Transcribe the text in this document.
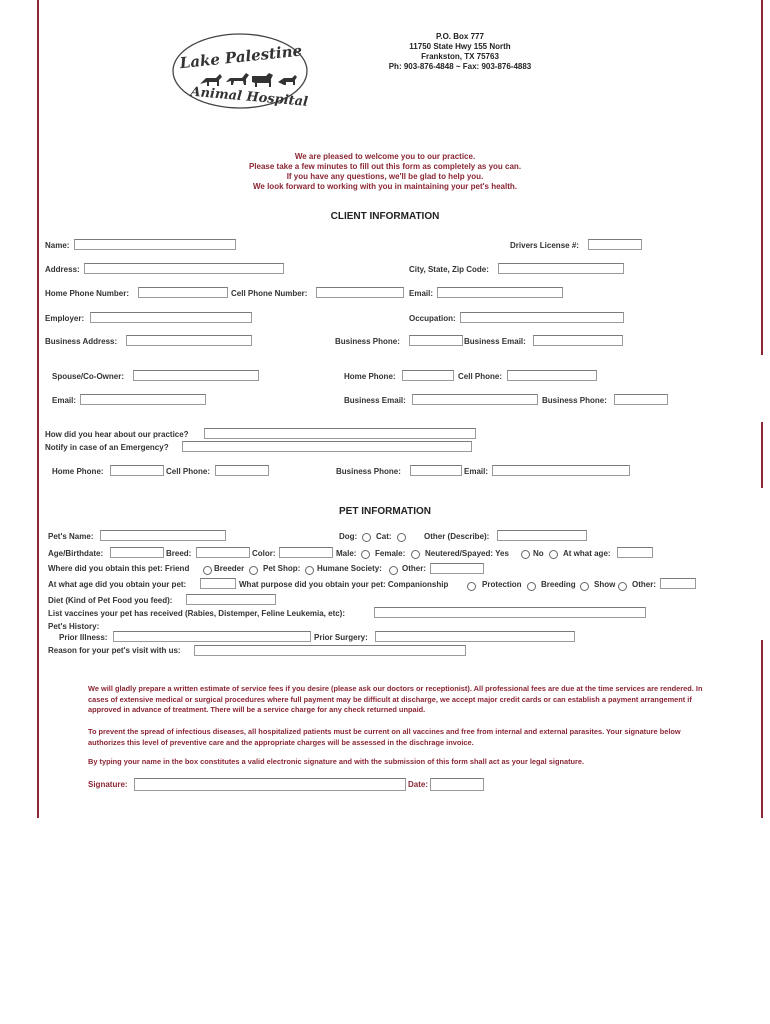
Lake Palestine
Animal Hospital
P.O. Box 777
11750 State Hwy 155 North
Frankston, TX 75763
Ph: 903-876-4848 ~ Fax: 903-876-4883
We are pleased to welcome you to our practice.
Please take a few minutes to fill out this form as completely as you can.
If you have any questions, we'll be glad to help you.
We look forward to working with you in maintaining your pet's health.
CLIENT INFORMATION
Name:	Drivers License #:
Address:	City, State, Zip Code:
Home Phone Number:	Cell Phone Number:	Email:
Employer:	Occupation:
Business Address:	Business Phone:	Business Email:
Spouse/Co-Owner:	Home Phone:	Cell Phone:
Email:	Business Email:	Business Phone:
How did you hear about our practice?
Notify in case of an Emergency?
Home Phone:	Cell Phone:	Business Phone:	Email:
PET INFORMATION
Pet's Name:	Dog: Cat:	Other (Describe):
Age/Birthdate:	Breed:	Color:	Male: Female: Neutered/Spayed: Yes	No At what age:
Where did you obtain this pet: Friend	Breeder Pet Shop: Humane Society:	Other:
At what age did you obtain your pet:	What purpose did you obtain your pet: Companionship	Protection Breeding Show Other:
Diet (Kind of Pet Food you feed):
List vaccines your pet has received (Rabies, Distemper, Feline Leukemia, etc):
Pet's History:
Prior Illness:	Prior Surgery:
Reason for your pet's visit with us:
We will gladly prepare a written estimate of service fees if you desire (please ask our doctors or receptionist). All professional fees are due at the time services are rendered. In cases of extensive medical or surgical procedures where full payment may be difficult at discharge, we accept major credit cards or can establish a payment arrangement if approved in advance of treatment. There will be a service charge for any check returned unpaid.
To prevent the spread of infectious diseases, all hospitalized patients must be current on all vaccines and free from internal and external parasites. Your signature below authorizes this level of preventive care and the appropriate charges will be assessed in the dischrage invoice.
By typing your name in the box constitutes a valid electronic signature and with the submission of this form shall act as your legal signature.
Signature:	Date:
